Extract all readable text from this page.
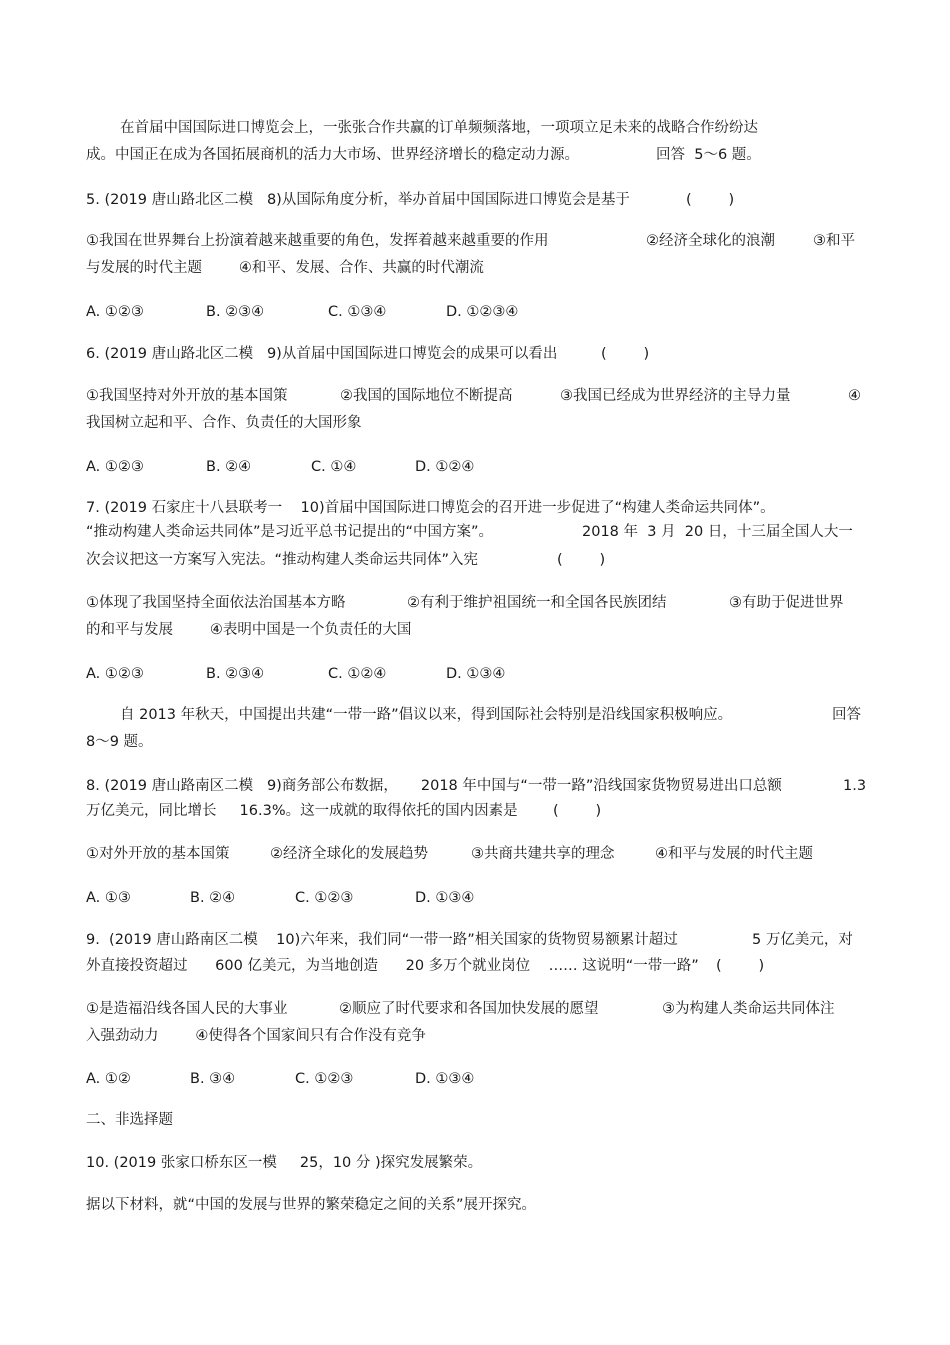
在首届中国国际进口博览会上，一张张合作共赢的订单频频落地，一项项立足未来的战略合作纷纷达
成。中国正在成为各国拓展商机的活力大市场、世界经济增长的稳定动力源。	回答  5～6 题。
5. (2019 唐山路北区二模   8)从国际角度分析，举办首届中国国际进口博览会是基于	(        )
①我国在世界舞台上扮演着越来越重要的角色，发挥着越来越重要的作用	②经济全球化的浪潮	③和平
与发展的时代主题        ④和平、发展、合作、共赢的时代潮流
A. ①②③	B. ②③④	C. ①③④	D. ①②③④
6. (2019 唐山路北区二模   9)从首届中国国际进口博览会的成果可以看出	(        )
①我国坚持对外开放的基本国策	②我国的国际地位不断提高	③我国已经成为世界经济的主导力量	④
我国树立起和平、合作、负责任的大国形象
A. ①②③	B. ②④	C. ①④	D. ①②④
7. (2019 石家庄十八县联考一    10)首届中国国际进口博览会的召开进一步促进了“构建人类命运共同体”。
“推动构建人类命运共同体”是习近平总书记提出的“中国方案”。	2018 年  3 月  20 日，十三届全国人大一
次会议把这一方案写入宪法。“推动构建人类命运共同体”入宪	(        )
①体现了我国坚持全面依法治国基本方略	②有利于维护祖国统一和全国各民族团结	③有助于促进世界
的和平与发展        ④表明中国是一个负责任的大国
A. ①②③	B. ②③④	C. ①②④	D. ①③④
自 2013 年秋天，中国提出共建“一带一路”倡议以来，得到国际社会特别是沿线国家积极响应。	回答
8～9 题。
8. (2019 唐山路南区二模   9)商务部公布数据，     2018 年中国与“一带一路”沿线国家货物贸易进出口总额	1.3
万亿美元，同比增长     16.3%。这一成就的取得依托的国内因素是 (        )
①对外开放的基本国策	②经济全球化的发展趋势	③共商共建共享的理念	④和平与发展的时代主题
A. ①③	B. ②④	C. ①②③	D. ①③④
9.  (2019 唐山路南区二模    10)六年来，我们同“一带一路”相关国家的货物贸易额累计超过	5 万亿美元，对
外直接投资超过      600 亿美元，为当地创造      20 多万个就业岗位    …… 这说明“一带一路” (        )
①是造福沿线各国人民的大事业	②顺应了时代要求和各国加快发展的愿望	③为构建人类命运共同体注
入强劲动力        ④使得各个国家间只有合作没有竞争
A. ①②	B. ③④	C. ①②③	D. ①③④
二、非选择题
10. (2019 张家口桥东区一模     25，10 分 )探究发展繁荣。
据以下材料，就“中国的发展与世界的繁荣稳定之间的关系”展开探究。
